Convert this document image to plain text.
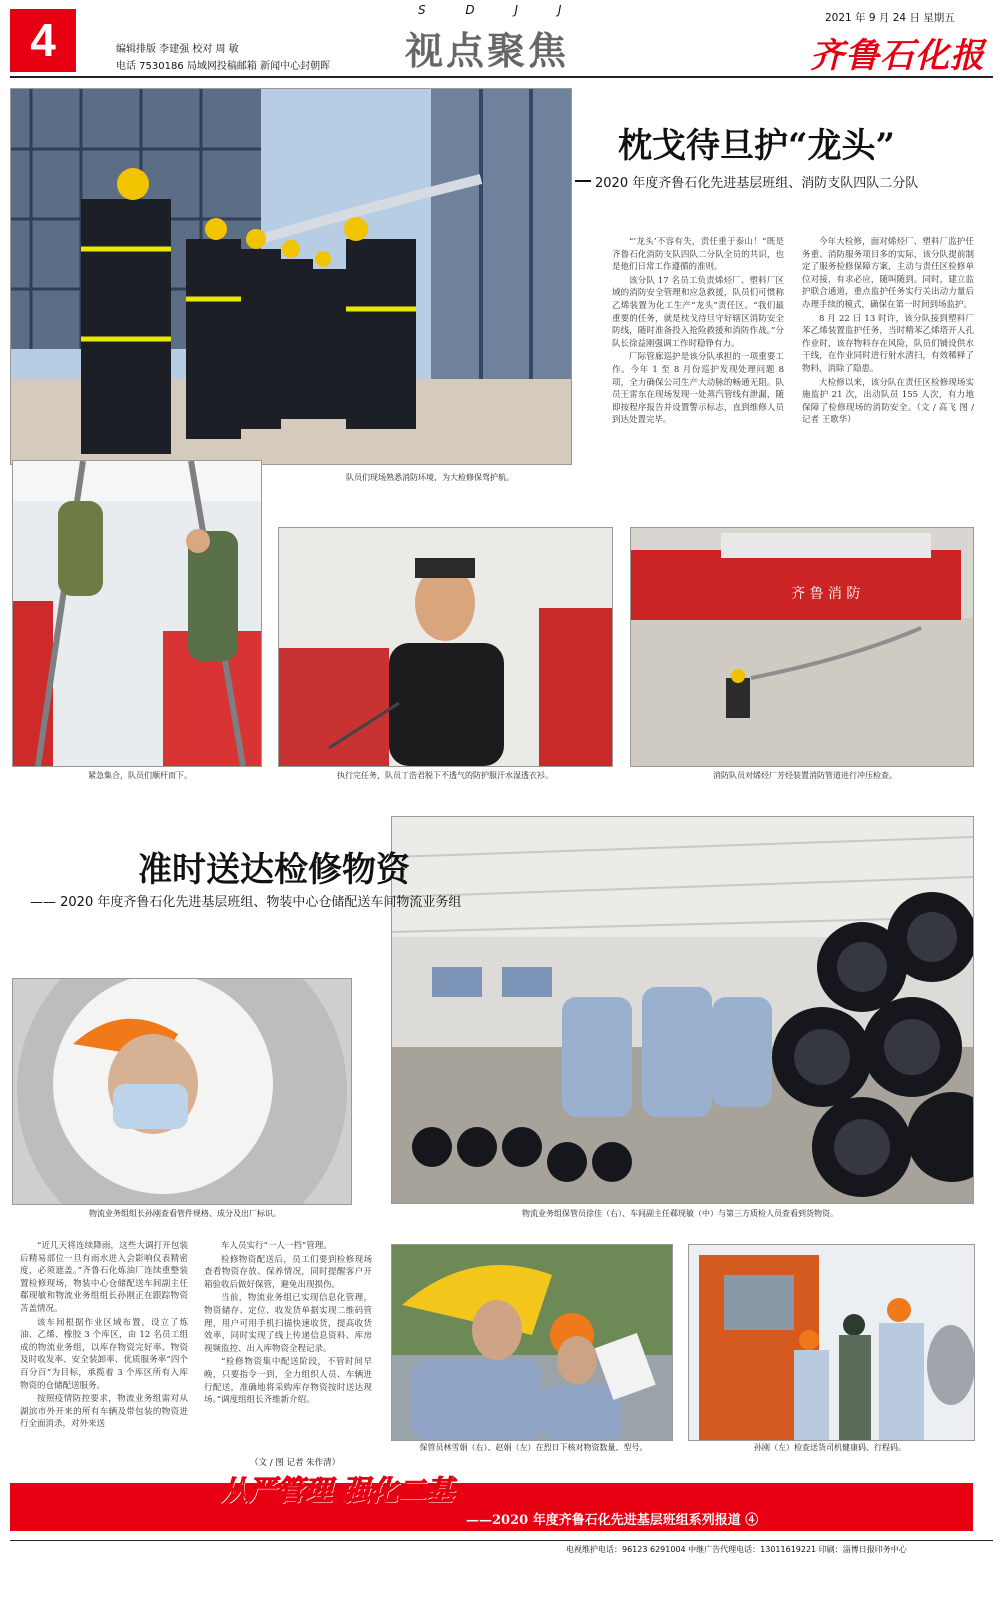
4	编辑排版 李建强 校对 周 敏
电话 7530186 局域网投稿邮箱 新闻中心封朝晖
S D J J
视点聚焦
2021 年 9 月 24 日 星期五
齐鲁石化报
枕戈待旦护“龙头”
2020 年度齐鲁石化先进基层班组、消防支队四队二分队

“‘龙头’不容有失，责任重于泰山！”既是齐鲁石化消防支队四队二分队全员的共识，也是他们日常工作遵循的准则。

该分队 17 名员工负责烯烃厂、塑料厂区域的消防安全管理和应急救援，队员们可惯称乙烯装置为化工生产“龙头”责任区。“我们最重要的任务，就是枕戈待旦守好辖区消防安全防线，随时准备投入抢险救援和消防作战。”分队长徐益刚强调工作时稳铮有力。

厂际管廊巡护是该分队承担的一项重要工作。今年 1 至 8 月份巡护发现处理问题 8 项，全力确保公司生产大动脉的畅通无阻。队员王雷东在现场发现一处蒸汽管线有泄漏，随即按程序报告并设置警示标志，直到维修人员到达处置完毕。

今年大检修，面对烯烃厂、塑料厂监护任务重、消防服务项目多的实际，该分队提前制定了服务检修保障方案，主动与责任区检修单位对接，有求必应，随叫随到。同时，建立监护联合通道，重点监护任务实行关出动力量后办理手续的模式，确保在第一时间到场监护。

8 月 22 日 13 时许，该分队接到塑料厂苯乙烯装置监护任务，当时精苯乙烯塔开人孔作业时，该存物料存在风险，队员们铺设供水干线，在作业同时进行射水清扫，有效稀释了物料，消除了隐患。

大检修以来，该分队在责任区检修现场实施监护 21 次，出动队员 155 人次，有力地保障了检修现场的消防安全。（文 / 高飞 图 / 记者 王歌华）

队员们现场熟悉消防环境，为大检修保驾护航。
齐 鲁 消 防
紧急集合，队员们顺杆而下。	执行完任务，队员丁浩君脱下不透气的防护服汗水湿透衣衫。	消防队员对烯烃厂芳烃装置消防管道进行冲压检查。
准时送达检修物资
—— 2020 年度齐鲁石化先进基层班组、物装中心仓储配送车间物流业务组
物流业务组组长孙刚查看管件规格、成分及出厂标识。	物流业务组保管员徐佳（右）、车间副主任郗现敏（中）与第三方质检人员查看到货物资。

“近几天将连续降雨，这些大调打开包装后精易部位一旦有雨水进入会影响仪表精密度，必须遮盖。”齐鲁石化炼油厂连续重整装置检修现场，物装中心仓储配送车间副主任郗现敏和物流业务组组长孙刚正在跟踪物资苫盖情况。

该车间根据作业区域布置，设立了炼油、乙烯、橡胶 3 个库区，由 12 名员工组成的物流业务组，以库存物资完好率、物资及时收发率、安全装卸率、优质服务率“四个百分百”为目标，承揽着 3 个库区所有入库物资的仓储配送服务。

按照疫情防控要求，物流业务组需对从湖滨市外开来的所有车辆及带包装的物资进行全面消杀，对外来送

车人员实行“一人一档”管理。

检修物资配送后，员工们要到检修现场查看物资存放、保养情况，同时提醒客户开箱验收后做好保管，避免出现损伤。

当前，物流业务组已实现信息化管理，物资储存、定位、收发货单据实现二维码管理，用户可用手机扫描快速收货，提高收货效率，同时实现了线上传递信息资料、库房视频监控、出入库物资全程记录。

“检修物资集中配送阶段，不管时间早晚，只要指令一到，全力组织人员、车辆进行配送，准确地将采购库存物资按时送达现场。”调度组组长齐维新介绍。

（文 / 图 记者 朱作清）
保管员林雪娟（右）、赵娟（左）在烈日下核对物资数量、型号。	孙刚（左）检查送货司机健康码、行程码。
从严管理 强化二基
——2020 年度齐鲁石化先进基层班组系列报道 ④
电视维护电话：96123 6291004 中继广告代理电话：13011619221 印刷：淄博日报印务中心
